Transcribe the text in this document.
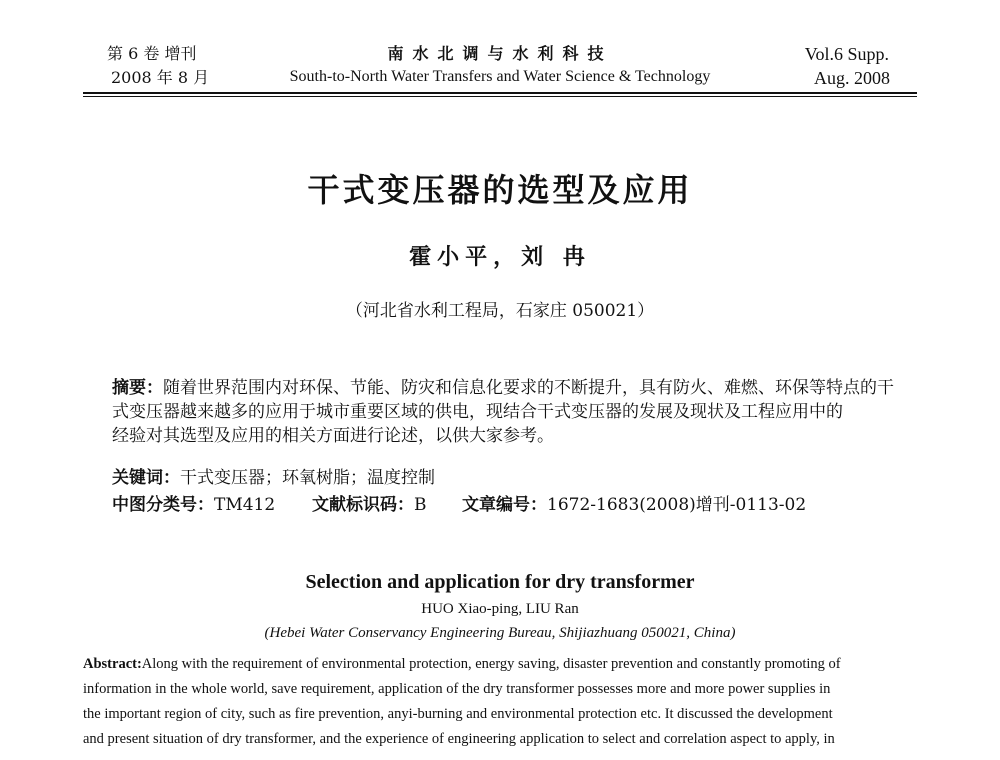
第 6 卷 增刊	南水北调与水利科技	Vol.6 Supp.
2008 年 8 月	South-to-North Water Transfers and Water Science & Technology	Aug. 2008
干式变压器的选型及应用
霍小平，刘 冉
（河北省水利工程局，石家庄 050021）
摘要：随着世界范围内对环保、节能、防灾和信息化要求的不断提升，具有防火、难燃、环保等特点的干
式变压器越来越多的应用于城市重要区域的供电，现结合干式变压器的发展及现状及工程应用中的
经验对其选型及应用的相关方面进行论述，以供大家参考。
关键词：干式变压器；环氧树脂；温度控制
中图分类号：TM412 文献标识码：B 文章编号：1672-1683(2008)增刊-0113-02
Selection and application for dry transformer
HUO Xiao-ping, LIU Ran
(Hebei Water Conservancy Engineering Bureau, Shijiazhuang 050021, China)
Abstract:Along with the requirement of environmental protection, energy saving, disaster prevention and constantly promoting of
information in the whole world, save requirement, application of the dry transformer possesses more and more power supplies in
the important region of city, such as fire prevention, anyi-burning and environmental protection etc. It discussed the development
and present situation of dry transformer, and the experience of engineering application to select and correlation aspect to apply, in
